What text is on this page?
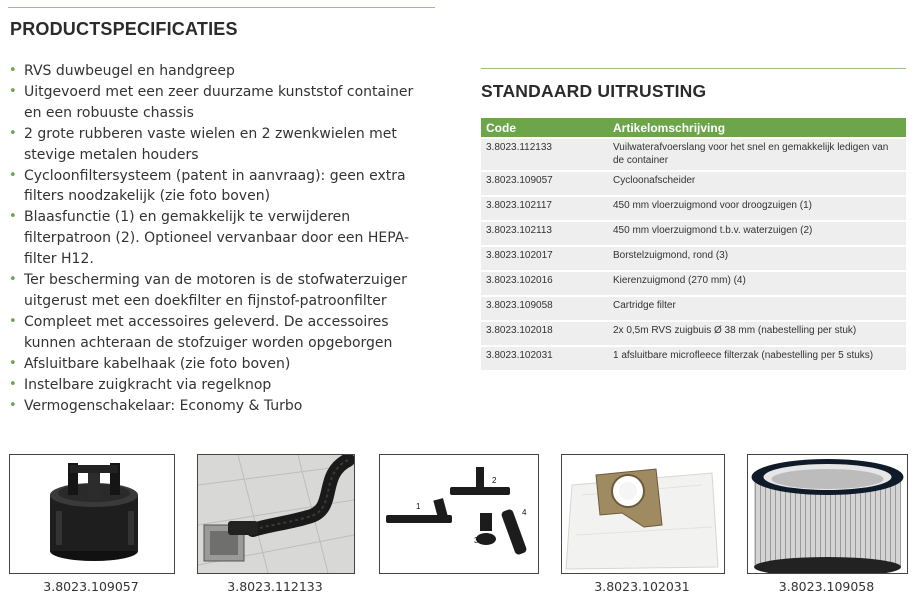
PRODUCTSPECIFICATIES
• RVS duwbeugel en handgreep
• Uitgevoerd met een zeer duurzame kunststof container en een robuuste chassis
• 2 grote rubberen vaste wielen en 2 zwenkwielen met stevige metalen houders
• Cycloonfiltersysteem (patent in aanvraag): geen extra filters noodzakelijk (zie foto boven)
• Blaasfunctie (1) en gemakkelijk te verwijderen filterpatroon (2). Optioneel vervanbaar door een HEPA-filter H12.
• Ter bescherming van de motoren is de stofwaterzuiger uitgerust met een doekfilter en fijnstof-patroonfilter
• Compleet met accessoires geleverd. De accessoires kunnen achteraan de stofzuiger worden opgeborgen
• Afsluitbare kabelhaak (zie foto boven)
• Instelbare zuigkracht via regelknop
• Vermogenschakelaar: Economy & Turbo
STANDAARD UITRUSTING
Code	Artikelomschrijving
3.8023.112133	Vuilwaterafvoerslang voor het snel en gemakkelijk ledigen van de container
3.8023.109057	Cycloonafscheider
3.8023.102117	450 mm vloerzuigmond voor droogzuigen (1)
3.8023.102113	450 mm vloerzuigmond t.b.v. waterzuigen (2)
3.8023.102017	Borstelzuigmond, rond (3)
3.8023.102016	Kierenzuigmond (270 mm) (4)
3.8023.109058	Cartridge filter
3.8023.102018	2x 0,5m RVS zuigbuis Ø 38 mm (nabestelling per stuk)
3.8023.102031	1 afsluitbare microfleece filterzak (nabestelling per 5 stuks)
3.8023.109057	3.8023.112133
1
2
3
4
3.8023.102031	3.8023.109058
